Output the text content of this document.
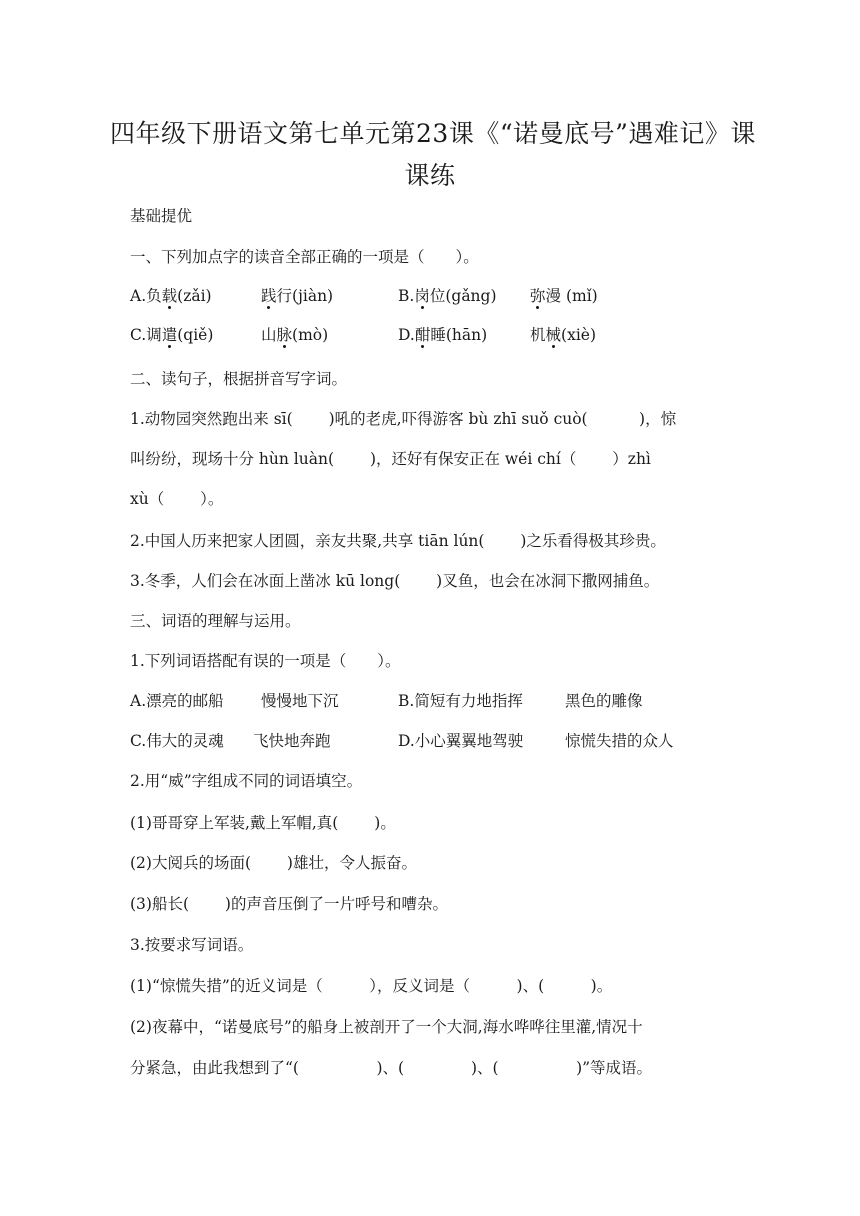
四年级下册语文第七单元第23课《“诺曼底号”遇难记》课
课练
基础提优
一、下列加点字的读音全部正确的一项是（　　）。
A.负载(zǎi)	践行(jiàn)	B.岗位(gǎng) 弥漫 (mǐ)
C.调遣(qiě)	山脉(mò)	D.酣睡(hān)	机械(xiè)
二、读句子，根据拼音写字词。
1.动物园突然跑出来 sī(　　 )吼的老虎,吓得游客 bù zhī suǒ cuò(　　　 )，惊
叫纷纷，现场十分 hùn luàn(　　 )，还好有保安正在 wéi chí（　　 ）zhì
xù（　　 ）。
2.中国人历来把家人团圆，亲友共聚,共享 tiān lún(　　 )之乐看得极其珍贵。
3.冬季，人们会在冰面上凿冰 kū long(　　 )叉鱼，也会在冰洞下撒网捕鱼。
三、词语的理解与运用。
1.下列词语搭配有误的一项是（　　）。
A.漂亮的邮船 慢慢地下沉	B.简短有力地指挥	黑色的雕像
C.伟大的灵魂 飞快地奔跑	D.小心翼翼地驾驶	惊慌失措的众人
2.用“威”字组成不同的词语填空。
(1)哥哥穿上军装,戴上军帽,真(　　 )。
(2)大阅兵的场面(　　 )雄壮，令人振奋。
(3)船长(　　 )的声音压倒了一片呼号和嘈杂。
3.按要求写词语。
(1)“惊慌失措”的近义词是（　　　），反义词是（　　　)、(　　　)。
(2)夜幕中，“诺曼底号”的船身上被剖开了一个大洞,海水哗哗往里灌,情况十
分紧急，由此我想到了“(　　　　　)、(　　　　 )、(　　　　　)”等成语。
